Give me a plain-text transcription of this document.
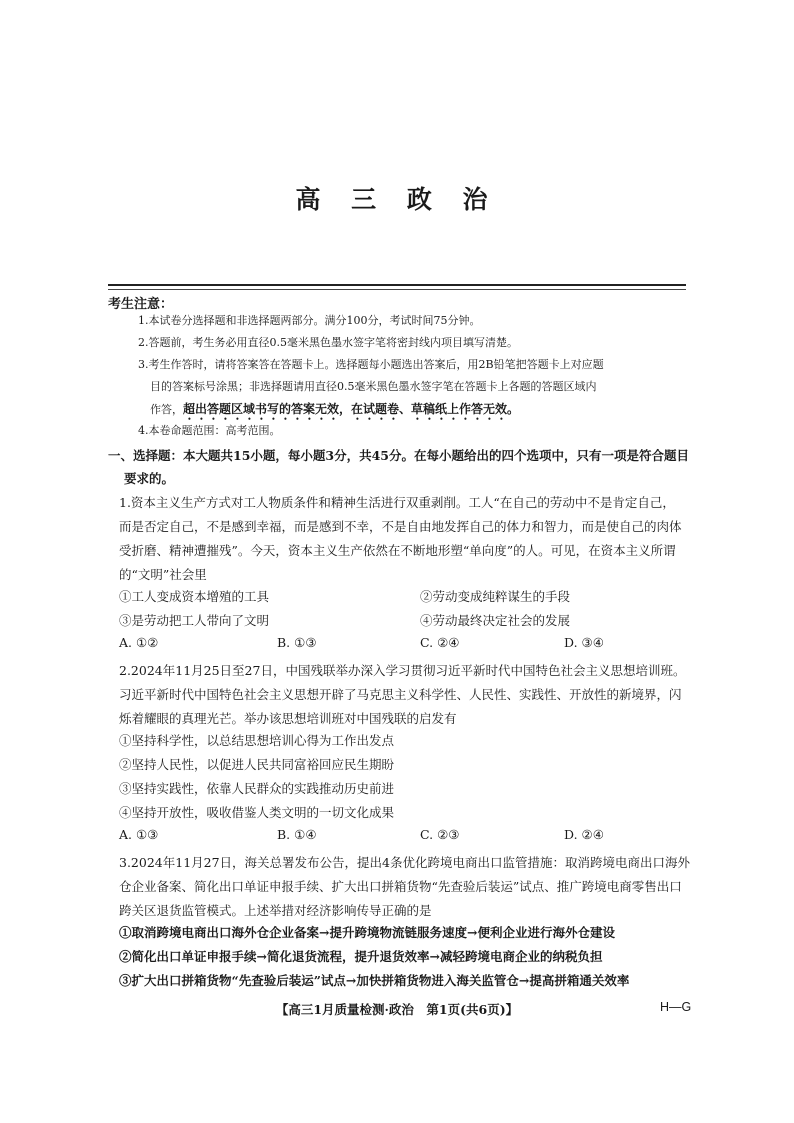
高 三 政 治
考生注意：
1.本试卷分选择题和非选择题两部分。满分100分，考试时间75分钟。
2.答题前，考生务必用直径0.5毫米黑色墨水签字笔将密封线内项目填写清楚。
3.考生作答时，请将答案答在答题卡上。选择题每小题选出答案后，用2B铅笔把答题卡上对应题
目的答案标号涂黑；非选择题请用直径0.5毫米黑色墨水签字笔在答题卡上各题的答题区域内
作答，超出答题区域书写的答案无效，在试题卷、草稿纸上作答无效。
4.本卷命题范围：高考范围。
一、选择题：本大题共15小题，每小题3分，共45分。在每小题给出的四个选项中，只有一项是符合题目
要求的。
1.资本主义生产方式对工人物质条件和精神生活进行双重剥削。工人“在自己的劳动中不是肯定自己，
而是否定自己，不是感到幸福，而是感到不幸，不是自由地发挥自己的体力和智力，而是使自己的肉体
受折磨、精神遭摧残”。今天，资本主义生产依然在不断地形塑“单向度”的人。可见，在资本主义所谓
的“文明”社会里
①工人变成资本增殖的工具	②劳动变成纯粹谋生的手段
③是劳动把工人带向了文明	④劳动最终决定社会的发展
A. ①②	B. ①③	C. ②④	D. ③④
2.2024年11月25日至27日，中国残联举办深入学习贯彻习近平新时代中国特色社会主义思想培训班。
习近平新时代中国特色社会主义思想开辟了马克思主义科学性、人民性、实践性、开放性的新境界，闪
烁着耀眼的真理光芒。举办该思想培训班对中国残联的启发有
①坚持科学性，以总结思想培训心得为工作出发点
②坚持人民性，以促进人民共同富裕回应民生期盼
③坚持实践性，依靠人民群众的实践推动历史前进
④坚持开放性，吸收借鉴人类文明的一切文化成果
A. ①③	B. ①④	C. ②③	D. ②④
3.2024年11月27日，海关总署发布公告，提出4条优化跨境电商出口监管措施：取消跨境电商出口海外
仓企业备案、简化出口单证申报手续、扩大出口拼箱货物“先查验后装运”试点、推广跨境电商零售出口
跨关区退货监管模式。上述举措对经济影响传导正确的是
①取消跨境电商出口海外仓企业备案→提升跨境物流链服务速度→便利企业进行海外仓建设
②简化出口单证申报手续→简化退货流程，提升退货效率→减轻跨境电商企业的纳税负担
③扩大出口拼箱货物“先查验后装运”试点→加快拼箱货物进入海关监管仓→提高拼箱通关效率
【高三1月质量检测·政治　第1页(共6页)】	H—G
